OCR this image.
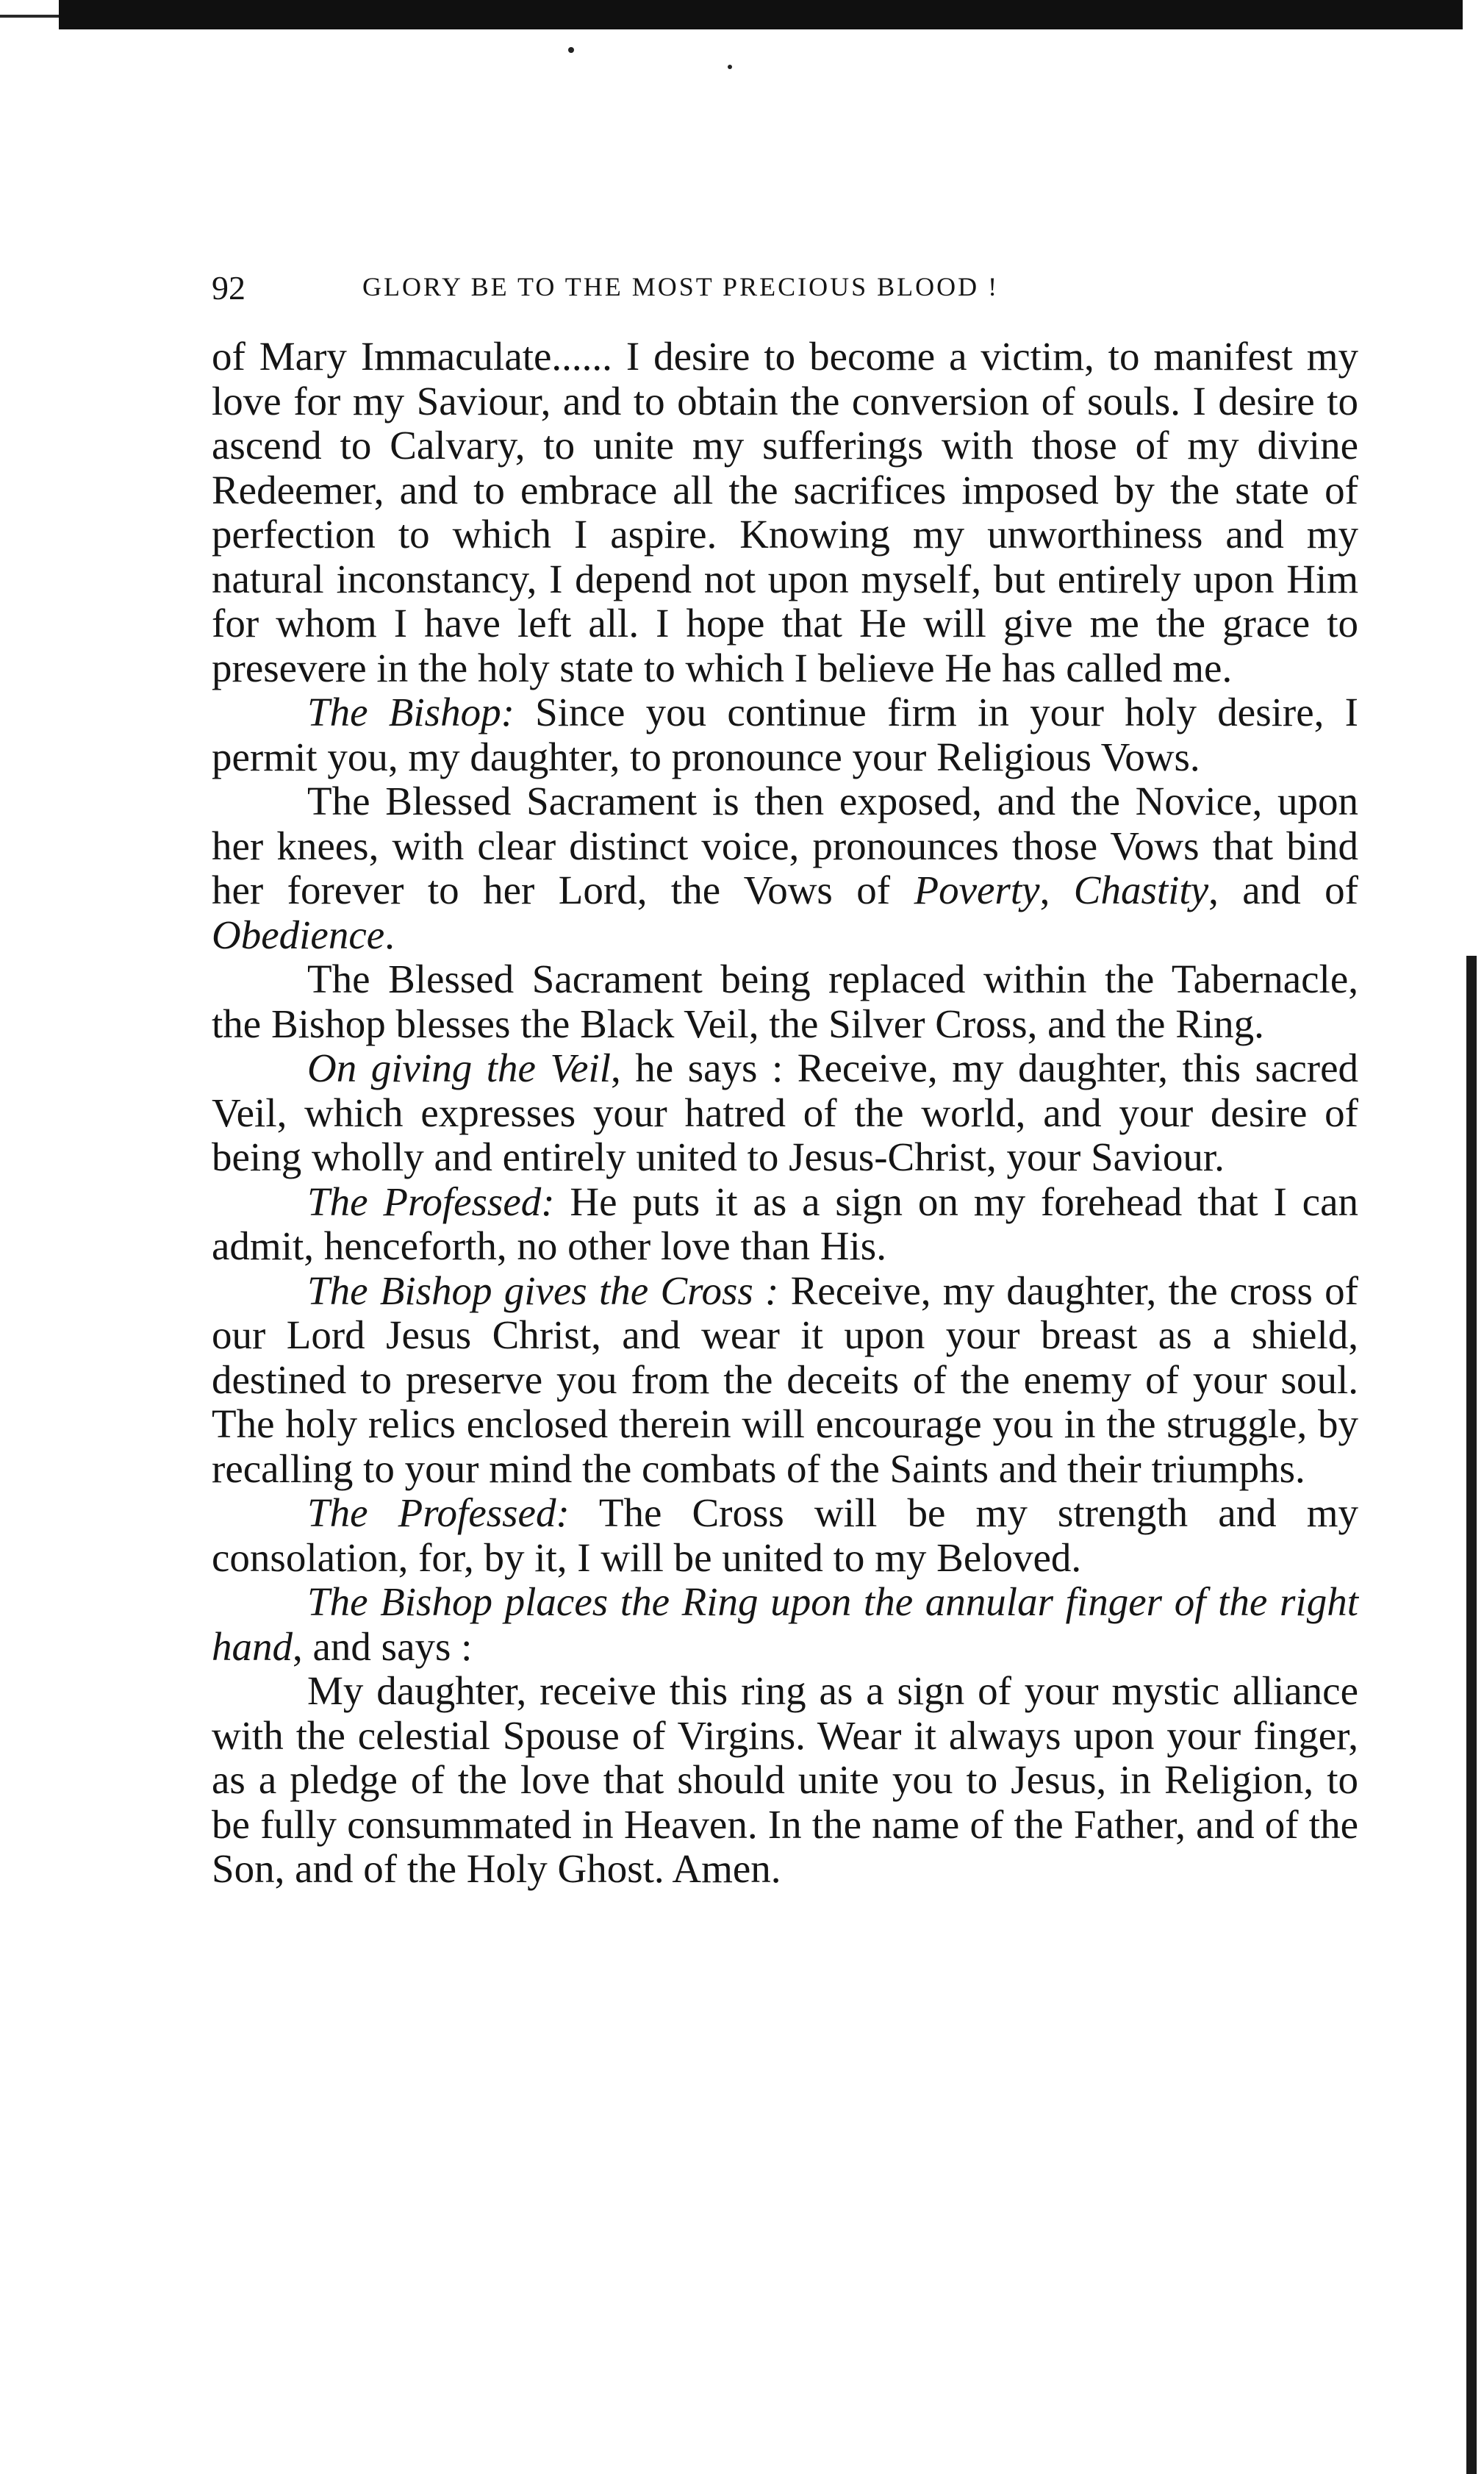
92	GLORY BE TO THE MOST PRECIOUS BLOOD !

of Mary Immaculate...... I desire to become a victim, to manifest my love for my Saviour, and to obtain the conversion of souls. I desire to ascend to Calvary, to unite my sufferings with those of my divine Redeemer, and to embrace all the sacrifices imposed by the state of perfection to which I aspire. Knowing my unworthiness and my natural inconstancy, I depend not upon myself, but entirely upon Him for whom I have left all. I hope that He will give me the grace to presevere in the holy state to which I believe He has called me.

The Bishop: Since you continue firm in your holy desire, I permit you, my daughter, to pronounce your Religious Vows.

The Blessed Sacrament is then exposed, and the Novice, upon her knees, with clear distinct voice, pronounces those Vows that bind her forever to her Lord, the Vows of Poverty, Chastity, and of Obedience.

The Blessed Sacrament being replaced within the Tabernacle, the Bishop blesses the Black Veil, the Silver Cross, and the Ring.

On giving the Veil, he says : Receive, my daughter, this sacred Veil, which expresses your hatred of the world, and your desire of being wholly and entirely united to Jesus-Christ, your Saviour.

The Professed: He puts it as a sign on my forehead that I can admit, henceforth, no other love than His.

The Bishop gives the Cross : Receive, my daughter, the cross of our Lord Jesus Christ, and wear it upon your breast as a shield, destined to preserve you from the deceits of the enemy of your soul. The holy relics enclosed therein will encourage you in the struggle, by recalling to your mind the combats of the Saints and their triumphs.

The Professed: The Cross will be my strength and my consolation, for, by it, I will be united to my Beloved.

The Bishop places the Ring upon the annular finger of the right hand, and says :

My daughter, receive this ring as a sign of your mystic alliance with the celestial Spouse of Virgins. Wear it always upon your finger, as a pledge of the love that should unite you to Jesus, in Religion, to be fully consummated in Heaven. In the name of the Father, and of the Son, and of the Holy Ghost. Amen.
